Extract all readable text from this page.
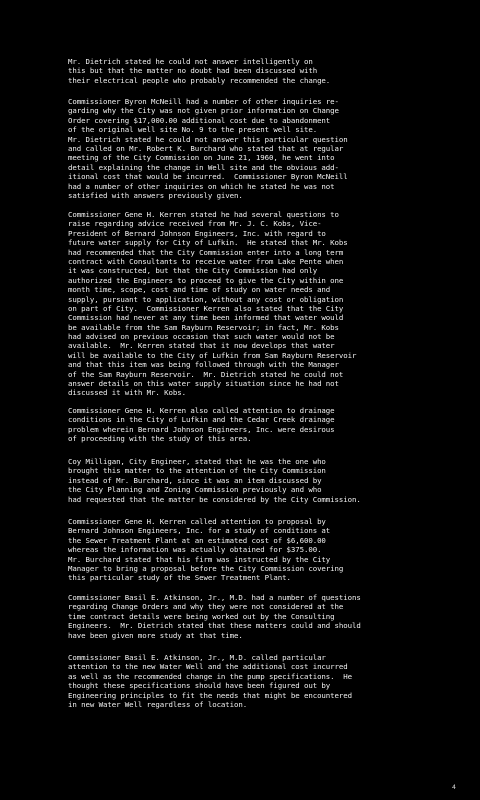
Mr. Dietrich stated he could not answer intelligently on
this but that the matter no doubt had been discussed with
their electrical people who probably recommended the change.
Commissioner Byron McNeill had a number of other inquiries re-
garding why the City was not given prior information on Change
Order covering $17,000.00 additional cost due to abandonment
of the original well site No. 9 to the present well site.
Mr. Dietrich stated he could not answer this particular question
and called on Mr. Robert K. Burchard who stated that at regular
meeting of the City Commission on June 21, 1960, he went into
detail explaining the change in Well site and the obvious add-
itional cost that would be incurred.  Commissioner Byron McNeill
had a number of other inquiries on which he stated he was not
satisfied with answers previously given.
Commissioner Gene H. Kerren stated he had several questions to
raise regarding advice received from Mr. J. C. Kobs, Vice-
President of Bernard Johnson Engineers, Inc. with regard to
future water supply for City of Lufkin.  He stated that Mr. Kobs
had recommended that the City Commission enter into a long term
contract with Consultants to receive water from Lake Pente when
it was constructed, but that the City Commission had only
authorized the Engineers to proceed to give the City within one
month time, scope, cost and time of study on water needs and
supply, pursuant to application, without any cost or obligation
on part of City.  Commissioner Kerren also stated that the City
Commission had never at any time been informed that water would
be available from the Sam Rayburn Reservoir; in fact, Mr. Kobs
had advised on previous occasion that such water would not be
available.  Mr. Kerren stated that it now develops that water
will be available to the City of Lufkin from Sam Rayburn Reservoir
and that this item was being followed through with the Manager
of the Sam Rayburn Reservoir.  Mr. Dietrich stated he could not
answer details on this water supply situation since he had not
discussed it with Mr. Kobs.
Commissioner Gene H. Kerren also called attention to drainage
conditions in the City of Lufkin and the Cedar Creek drainage
problem wherein Bernard Johnson Engineers, Inc. were desirous
of proceeding with the study of this area.
Coy Milligan, City Engineer, stated that he was the one who
brought this matter to the attention of the City Commission
instead of Mr. Burchard, since it was an item discussed by
the City Planning and Zoning Commission previously and who
had requested that the matter be considered by the City Commission.
Commissioner Gene H. Kerren called attention to proposal by
Bernard Johnson Engineers, Inc. for a study of conditions at
the Sewer Treatment Plant at an estimated cost of $6,600.00
whereas the information was actually obtained for $375.00.
Mr. Burchard stated that his firm was instructed by the City
Manager to bring a proposal before the City Commission covering
this particular study of the Sewer Treatment Plant.
Commissioner Basil E. Atkinson, Jr., M.D. had a number of questions
regarding Change Orders and why they were not considered at the
time contract details were being worked out by the Consulting
Engineers.  Mr. Dietrich stated that these matters could and should
have been given more study at that time.
Commissioner Basil E. Atkinson, Jr., M.D. called particular
attention to the new Water Well and the additional cost incurred
as well as the recommended change in the pump specifications.  He
thought these specifications should have been figured out by
Engineering principles to fit the needs that might be encountered
in new Water Well regardless of location.
4
